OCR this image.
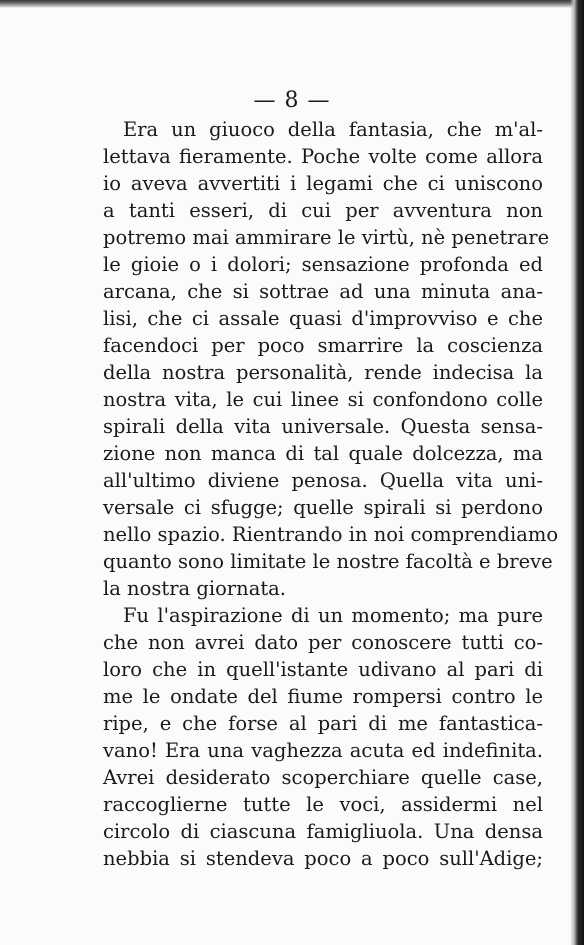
— 8 —
Era un giuoco della fantasia, che m'al-
lettava fieramente. Poche volte come allora
io aveva avvertiti i legami che ci uniscono
a tanti esseri, di cui per avventura non
potremo mai ammirare le virtù, nè penetrare
le gioie o i dolori; sensazione profonda ed
arcana, che si sottrae ad una minuta ana-
lisi, che ci assale quasi d'improvviso e che
facendoci per poco smarrire la coscienza
della nostra personalità, rende indecisa la
nostra vita, le cui linee si confondono colle
spirali della vita universale. Questa sensa-
zione non manca di tal quale dolcezza, ma
all'ultimo diviene penosa. Quella vita uni-
versale ci sfugge; quelle spirali si perdono
nello spazio. Rientrando in noi comprendiamo
quanto sono limitate le nostre facoltà e breve
la nostra giornata.
Fu l'aspirazione di un momento; ma pure
che non avrei dato per conoscere tutti co-
loro che in quell'istante udivano al pari di
me le ondate del fiume rompersi contro le
ripe, e che forse al pari di me fantastica-
vano! Era una vaghezza acuta ed indefinita.
Avrei desiderato scoperchiare quelle case,
raccoglierne tutte le voci, assidermi nel
circolo di ciascuna famigliuola. Una densa
nebbia si stendeva poco a poco sull'Adige;
